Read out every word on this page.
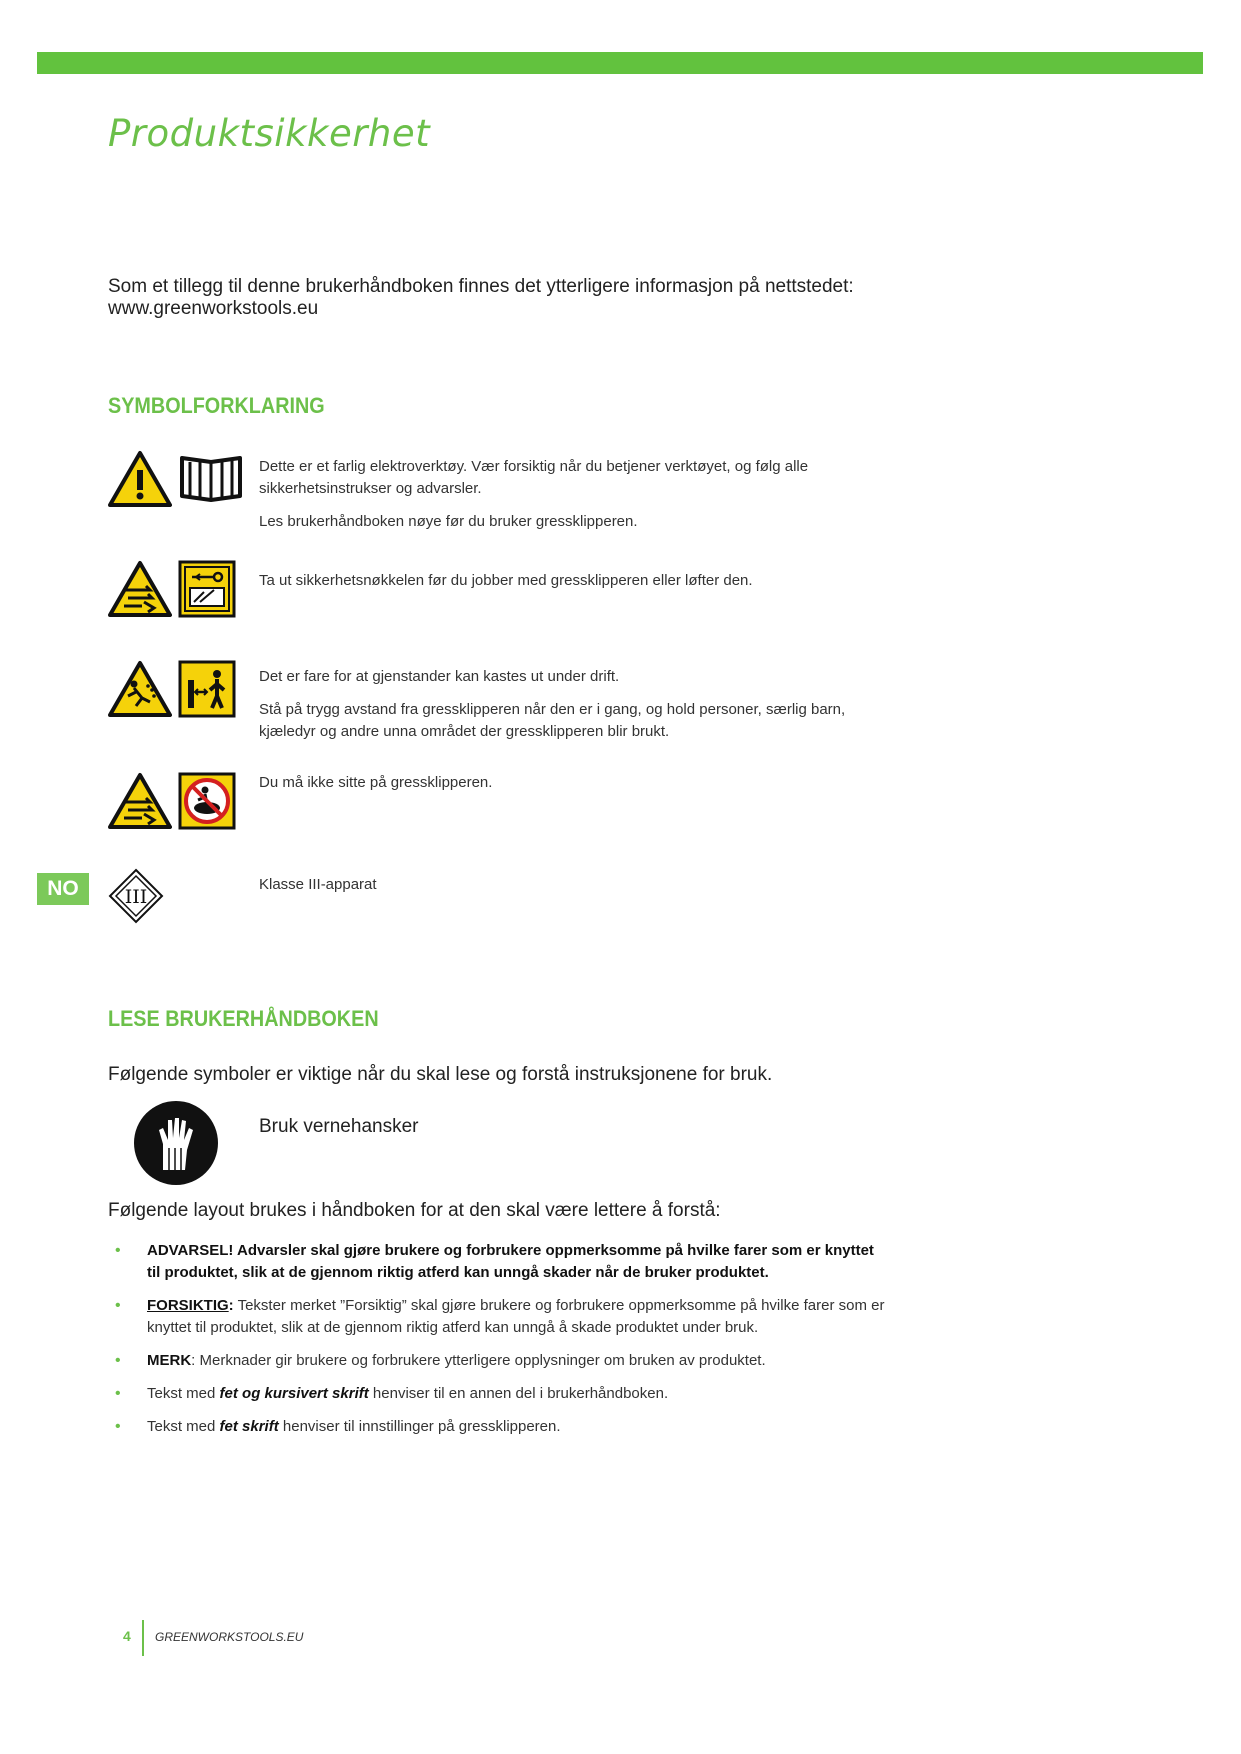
Produktsikkerhet

Som et tillegg til denne brukerhåndboken finnes det ytterligere informasjon på nettstedet:

www.greenworkstools.eu

SYMBOLFORKLARING

Dette er et farlig elektroverktøy. Vær forsiktig når du betjener verktøyet, og følg alle sikkerhetsinstrukser og advarsler.

Les brukerhåndboken nøye før du bruker gressklipperen.

Ta ut sikkerhetsnøkkelen før du jobber med gressklipperen eller løfter den.

Det er fare for at gjenstander kan kastes ut under drift.

Stå på trygg avstand fra gressklipperen når den er i gang, og hold personer, særlig barn, kjæledyr og andre unna området der gressklipperen blir brukt.

Du må ikke sitte på gressklipperen.

III

Klasse III-apparat

NO
LESE BRUKERHÅNDBOKEN

Følgende symboler er viktige når du skal lese og forstå instruksjonene for bruk.

Bruk vernehansker

Følgende layout brukes i håndboken for at den skal være lettere å forstå:

• ADVARSEL! Advarsler skal gjøre brukere og forbrukere oppmerksomme på hvilke farer som er knyttet til produktet, slik at de gjennom riktig atferd kan unngå skader når de bruker produktet.
• FORSIKTIG: Tekster merket ”Forsiktig” skal gjøre brukere og forbrukere oppmerksomme på hvilke farer som er knyttet til produktet, slik at de gjennom riktig atferd kan unngå å skade produktet under bruk.
• MERK: Merknader gir brukere og forbrukere ytterligere opplysninger om bruken av produktet.
• Tekst med fet og kursivert skrift henviser til en annen del i brukerhåndboken.
• Tekst med fet skrift henviser til innstillinger på gressklipperen.
4 GREENWORKSTOOLS.EU
